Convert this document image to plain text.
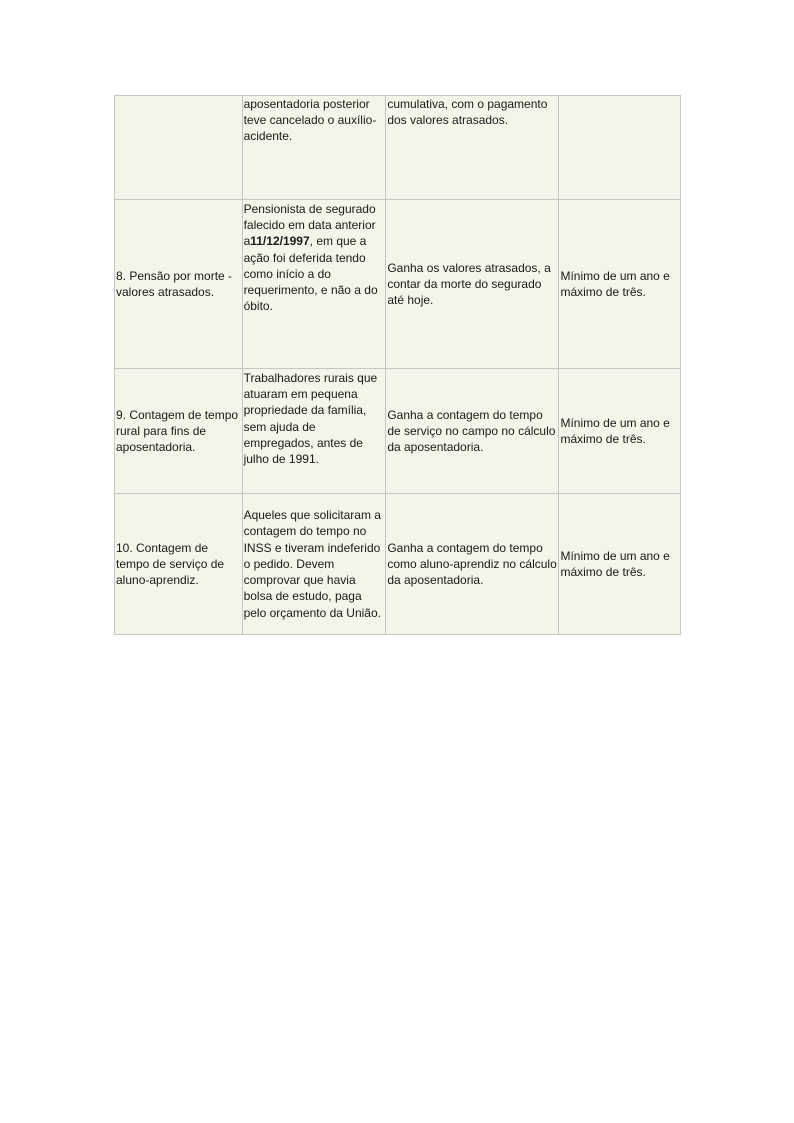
	aposentadoria posterior teve cancelado o auxílio-acidente.	cumulativa, com o pagamento dos valores atrasados.	
8. Pensão por morte - valores atrasados.	Pensionista de segurado falecido em data anterior a11/12/1997, em que a ação foi deferida tendo como início a do requerimento, e não a do óbito.	Ganha os valores atrasados, a contar da morte do segurado até hoje.	Mínimo de um ano e máximo de três.
9. Contagem de tempo rural para fins de aposentadoria.	Trabalhadores rurais que atuaram em pequena propriedade da família, sem ajuda de empregados, antes de julho de 1991.	Ganha a contagem do tempo de serviço no campo no cálculo da aposentadoria.	Mínimo de um ano e máximo de três.
10. Contagem de tempo de serviço de aluno-aprendiz.	Aqueles que solicitaram a contagem do tempo no INSS e tiveram indeferido o pedido. Devem comprovar que havia bolsa de estudo, paga pelo orçamento da União.	Ganha a contagem do tempo como aluno-aprendiz no cálculo da aposentadoria.	Mínimo de um ano e máximo de três.
